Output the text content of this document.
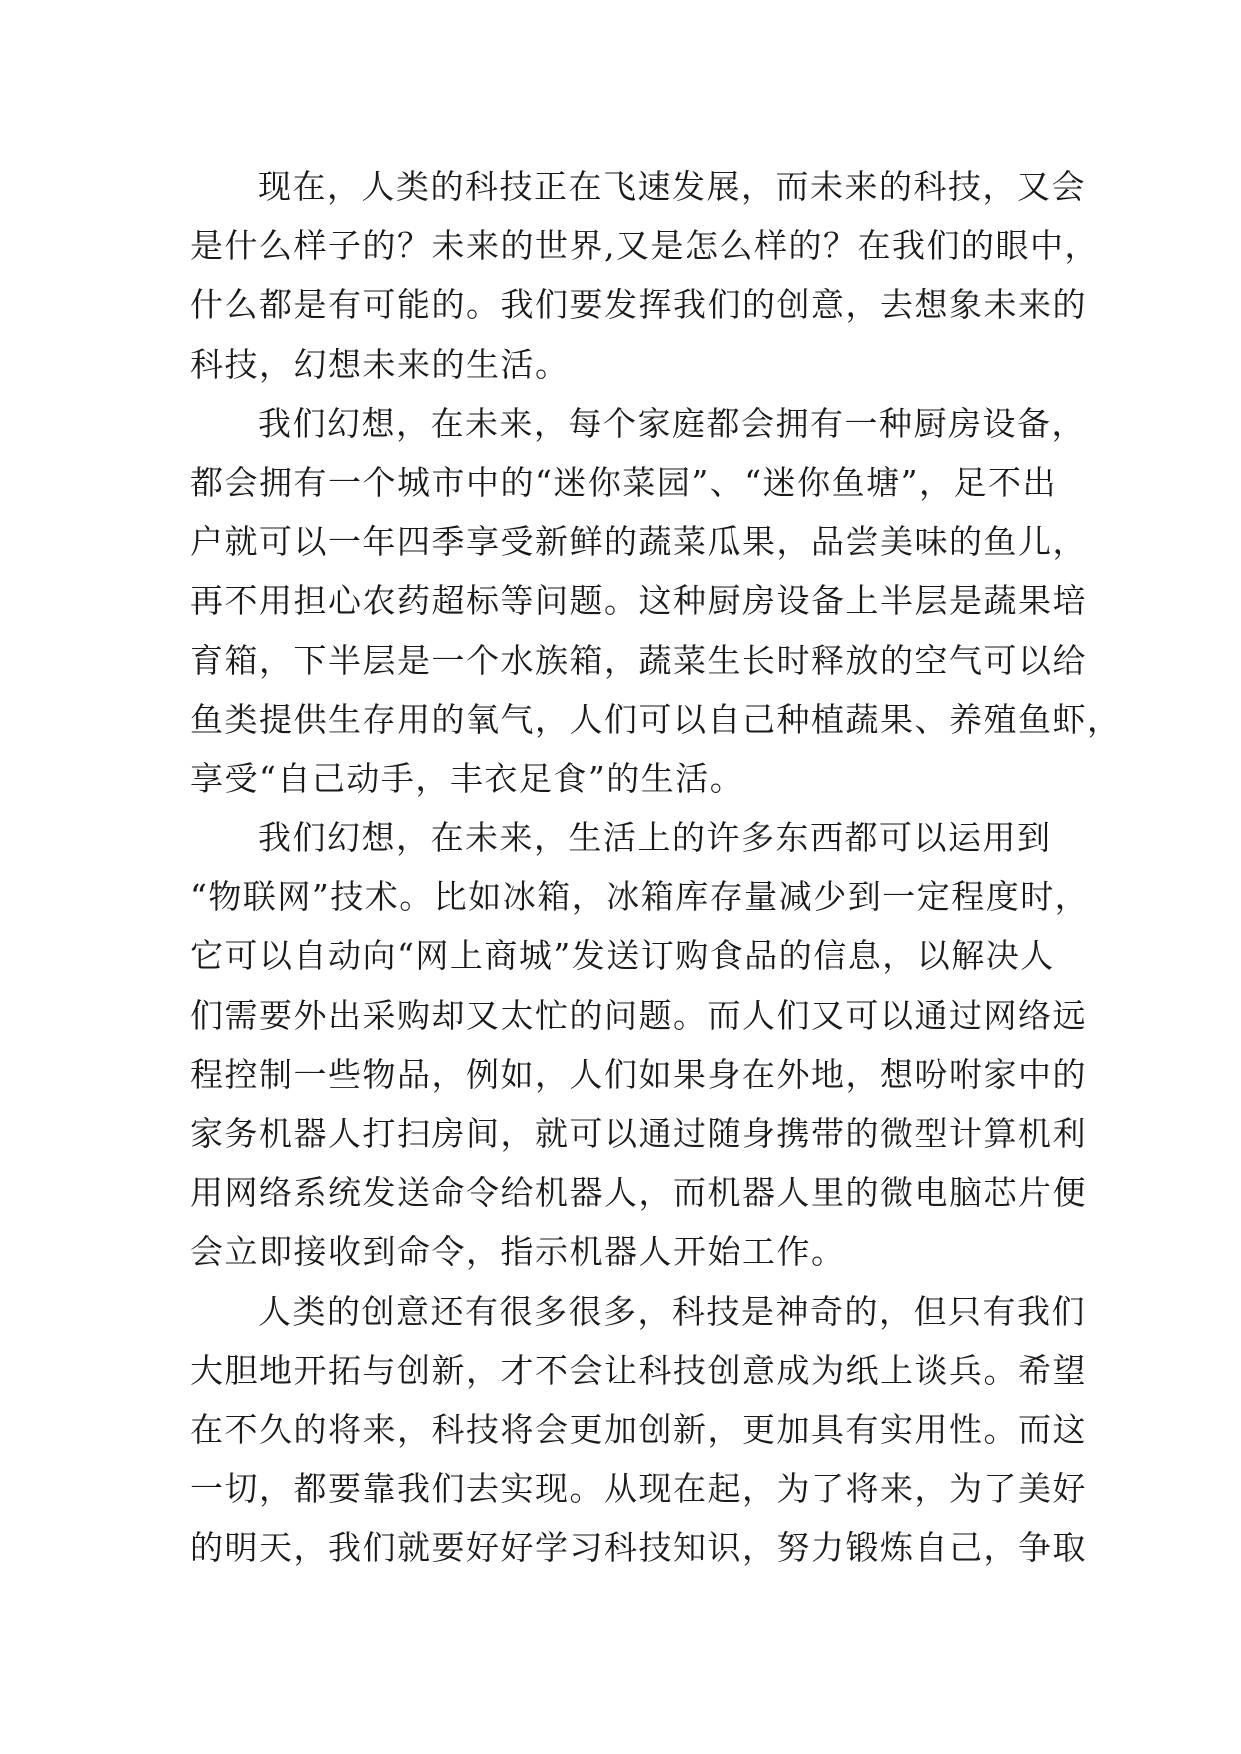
现在，人类的科技正在飞速发展，而未来的科技，又会
是什么样子的？未来的世界,又是怎么样的？在我们的眼中，
什么都是有可能的。我们要发挥我们的创意，去想象未来的
科技，幻想未来的生活。
我们幻想，在未来，每个家庭都会拥有一种厨房设备，
都会拥有一个城市中的“迷你菜园”、“迷你鱼塘”，足不出
户就可以一年四季享受新鲜的蔬菜瓜果，品尝美味的鱼儿，
再不用担心农药超标等问题。这种厨房设备上半层是蔬果培
育箱，下半层是一个水族箱，蔬菜生长时释放的空气可以给
鱼类提供生存用的氧气，人们可以自己种植蔬果、养殖鱼虾，
享受“自己动手，丰衣足食”的生活。
我们幻想，在未来，生活上的许多东西都可以运用到
“物联网”技术。比如冰箱，冰箱库存量减少到一定程度时，
它可以自动向“网上商城”发送订购食品的信息，以解决人
们需要外出采购却又太忙的问题。而人们又可以通过网络远
程控制一些物品，例如，人们如果身在外地，想吩咐家中的
家务机器人打扫房间，就可以通过随身携带的微型计算机利
用网络系统发送命令给机器人，而机器人里的微电脑芯片便
会立即接收到命令，指示机器人开始工作。
人类的创意还有很多很多，科技是神奇的，但只有我们
大胆地开拓与创新，才不会让科技创意成为纸上谈兵。希望
在不久的将来，科技将会更加创新，更加具有实用性。而这
一切，都要靠我们去实现。从现在起，为了将来，为了美好
的明天，我们就要好好学习科技知识，努力锻炼自己，争取
